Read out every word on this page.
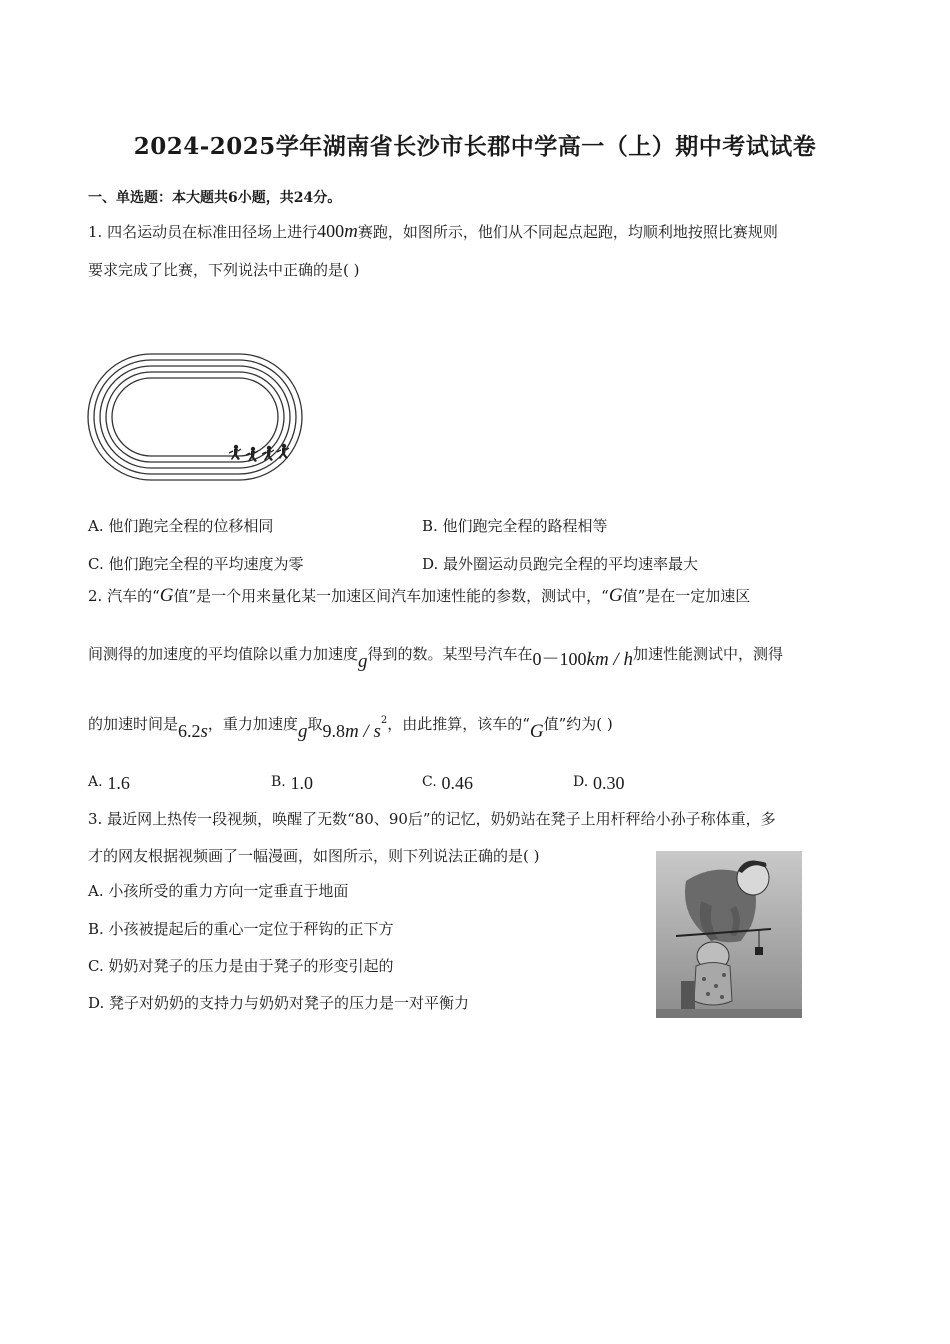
2024-2025学年湖南省长沙市长郡中学高一（上）期中考试试卷
一、单选题：本大题共6小题，共24分。
1. 四名运动员在标准田径场上进行400m赛跑，如图所示，他们从不同起点起跑，均顺利地按照比赛规则
要求完成了比赛，下列说法中正确的是( )
A. 他们跑完全程的位移相同	B. 他们跑完全程的路程相等
C. 他们跑完全程的平均速度为零	D. 最外圈运动员跑完全程的平均速率最大
2. 汽车的“G值”是一个用来量化某一加速区间汽车加速性能的参数，测试中，“G值”是在一定加速区
间测得的加速度的平均值除以重力加速度g得到的数。某型号汽车在0－100km / h加速性能测试中，测得
的加速时间是6.2s，重力加速度g取$9.8m / s^2$，由此推算，该车的“G值”约为( )
A. 1.6	B. 1.0	C. 0.46	D. 0.30
3. 最近网上热传一段视频，唤醒了无数“80、90后”的记忆，奶奶站在凳子上用杆秤给小孙子称体重，多
才的网友根据视频画了一幅漫画，如图所示，则下列说法正确的是( )
A. 小孩所受的重力方向一定垂直于地面
B. 小孩被提起后的重心一定位于秤钩的正下方
C. 奶奶对凳子的压力是由于凳子的形变引起的
D. 凳子对奶奶的支持力与奶奶对凳子的压力是一对平衡力
